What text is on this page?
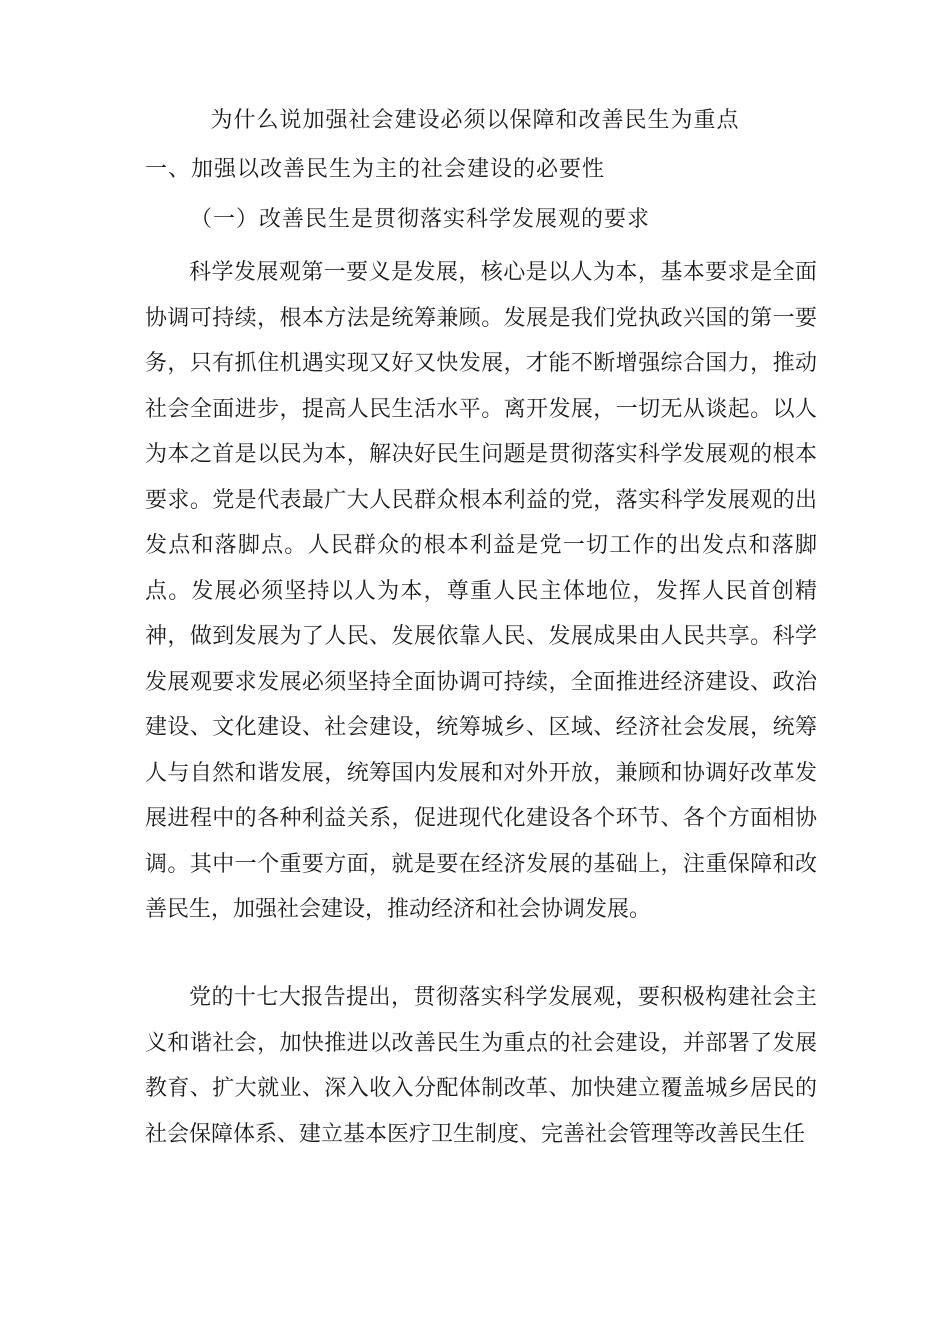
为什么说加强社会建设必须以保障和改善民生为重点
一、加强以改善民生为主的社会建设的必要性
（一）改善民生是贯彻落实科学发展观的要求

科学发展观第一要义是发展，核心是以人为本，基本要求是全面协调可持续，根本方法是统筹兼顾。发展是我们党执政兴国的第一要务，只有抓住机遇实现又好又快发展，才能不断增强综合国力，推动社会全面进步，提高人民生活水平。离开发展，一切无从谈起。以人为本之首是以民为本，解决好民生问题是贯彻落实科学发展观的根本要求。党是代表最广大人民群众根本利益的党，落实科学发展观的出发点和落脚点。人民群众的根本利益是党一切工作的出发点和落脚点。发展必须坚持以人为本，尊重人民主体地位，发挥人民首创精神，做到发展为了人民、发展依靠人民、发展成果由人民共享。科学发展观要求发展必须坚持全面协调可持续，全面推进经济建设、政治建设、文化建设、社会建设，统筹城乡、区域、经济社会发展，统筹人与自然和谐发展，统筹国内发展和对外开放，兼顾和协调好改革发展进程中的各种利益关系，促进现代化建设各个环节、各个方面相协调。其中一个重要方面，就是要在经济发展的基础上，注重保障和改善民生，加强社会建设，推动经济和社会协调发展。

党的十七大报告提出，贯彻落实科学发展观，要积极构建社会主义和谐社会，加快推进以改善民生为重点的社会建设，并部署了发展教育、扩大就业、深入收入分配体制改革、加快建立覆盖城乡居民的社会保障体系、建立基本医疗卫生制度、完善社会管理等改善民生任
